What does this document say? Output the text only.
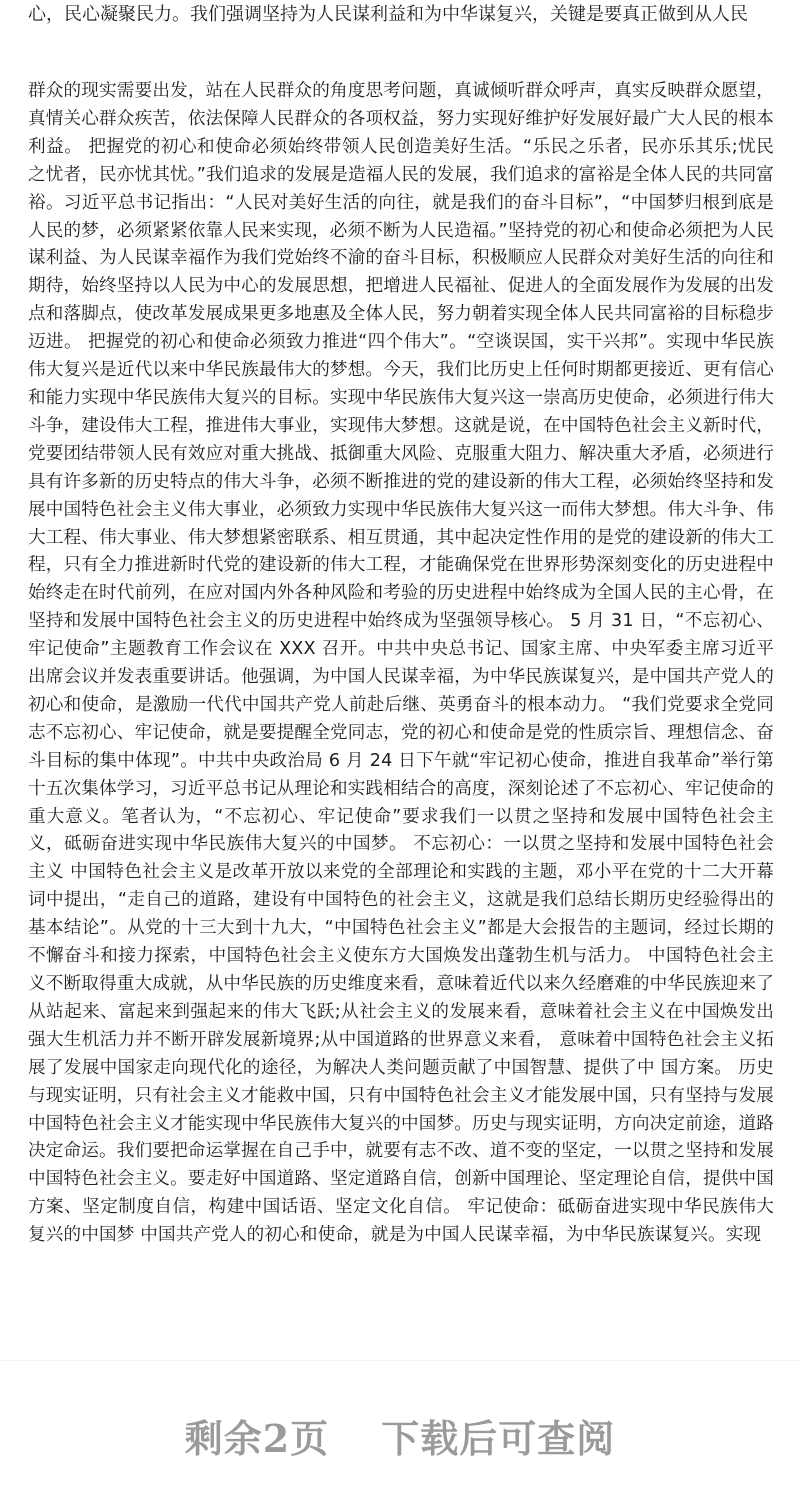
心，民心凝聚民力。我们强调坚持为人民谋利益和为中华谋复兴，关键是要真正做到从人民

群众的现实需要出发，站在人民群众的角度思考问题，真诚倾听群众呼声，真实反映群众愿望，真情关心群众疾苦，依法保障人民群众的各项权益，努力实现好维护好发展好最广大人民的根本利益。 把握党的初心和使命必须始终带领人民创造美好生活。“乐民之乐者，民亦乐其乐;忧民之忧者，民亦忧其忧。”我们追求的发展是造福人民的发展，我们追求的富裕是全体人民的共同富裕。习近平总书记指出：“人民对美好生活的向往，就是我们的奋斗目标”，“中国梦归根到底是人民的梦，必须紧紧依靠人民来实现，必须不断为人民造福。”坚持党的初心和使命必须把为人民谋利益、为人民谋幸福作为我们党始终不渝的奋斗目标，积极顺应人民群众对美好生活的向往和期待，始终坚持以人民为中心的发展思想，把增进人民福祉、促进人的全面发展作为发展的出发点和落脚点，使改革发展成果更多地惠及全体人民，努力朝着实现全体人民共同富裕的目标稳步迈进。 把握党的初心和使命必须致力推进“四个伟大”。“空谈误国，实干兴邦”。实现中华民族伟大复兴是近代以来中华民族最伟大的梦想。今天，我们比历史上任何时期都更接近、更有信心和能力实现中华民族伟大复兴的目标。实现中华民族伟大复兴这一崇高历史使命，必须进行伟大斗争，建设伟大工程，推进伟大事业，实现伟大梦想。这就是说，在中国特色社会主义新时代，党要团结带领人民有效应对重大挑战、抵御重大风险、克服重大阻力、解决重大矛盾，必须进行具有许多新的历史特点的伟大斗争，必须不断推进的党的建设新的伟大工程，必须始终坚持和发展中国特色社会主义伟大事业，必须致力实现中华民族伟大复兴这一而伟大梦想。伟大斗争、伟大工程、伟大事业、伟大梦想紧密联系、相互贯通，其中起决定性作用的是党的建设新的伟大工程，只有全力推进新时代党的建设新的伟大工程，才能确保党在世界形势深刻变化的历史进程中始终走在时代前列，在应对国内外各种风险和考验的历史进程中始终成为全国人民的主心骨，在坚持和发展中国特色社会主义的历史进程中始终成为坚强领导核心。 5 月 31 日，“不忘初心、牢记使命”主题教育工作会议在 XXX 召开。中共中央总书记、国家主席、中央军委主席习近平出席会议并发表重要讲话。他强调，为中国人民谋幸福，为中华民族谋复兴，是中国共产党人的初心和使命，是激励一代代中国共产党人前赴后继、英勇奋斗的根本动力。 “我们党要求全党同志不忘初心、牢记使命，就是要提醒全党同志，党的初心和使命是党的性质宗旨、理想信念、奋斗目标的集中体现”。中共中央政治局 6 月 24 日下午就“牢记初心使命，推进自我革命”举行第十五次集体学习，习近平总书记从理论和实践相结合的高度，深刻论述了不忘初心、牢记使命的重大意义。笔者认为，“不忘初心、牢记使命”要求我们一以贯之坚持和发展中国特色社会主义，砥砺奋进实现中华民族伟大复兴的中国梦。 不忘初心：一以贯之坚持和发展中国特色社会主义 中国特色社会主义是改革开放以来党的全部理论和实践的主题，邓小平在党的十二大开幕词中提出，“走自己的道路，建设有中国特色的社会主义，这就是我们总结长期历史经验得出的基本结论”。从党的十三大到十九大，“中国特色社会主义”都是大会报告的主题词，经过长期的不懈奋斗和接力探索，中国特色社会主义使东方大国焕发出蓬勃生机与活力。 中国特色社会主义不断取得重大成就，从中华民族的历史维度来看，意味着近代以来久经磨难的中华民族迎来了从站起来、富起来到强起来的伟大飞跃;从社会主义的发展来看，意味着社会主义在中国焕发出强大生机活力并不断开辟发展新境界;从中国道路的世界意义来看， 意味着中国特色社会主义拓展了发展中国家走向现代化的途径，为解决人类问题贡献了中国智慧、提供了中 国方案。 历史与现实证明，只有社会主义才能救中国，只有中国特色社会主义才能发展中国，只有坚持与发展中国特色社会主义才能实现中华民族伟大复兴的中国梦。历史与现实证明，方向决定前途，道路决定命运。我们要把命运掌握在自己手中，就要有志不改、道不变的坚定，一以贯之坚持和发展中国特色社会主义。要走好中国道路、坚定道路自信，创新中国理论、坚定理论自信，提供中国方案、坚定制度自信，构建中国话语、坚定文化自信。 牢记使命：砥砺奋进实现中华民族伟大复兴的中国梦 中国共产党人的初心和使命，就是为中国人民谋幸福，为中华民族谋复兴。实现

剩余2页 下载后可查阅
